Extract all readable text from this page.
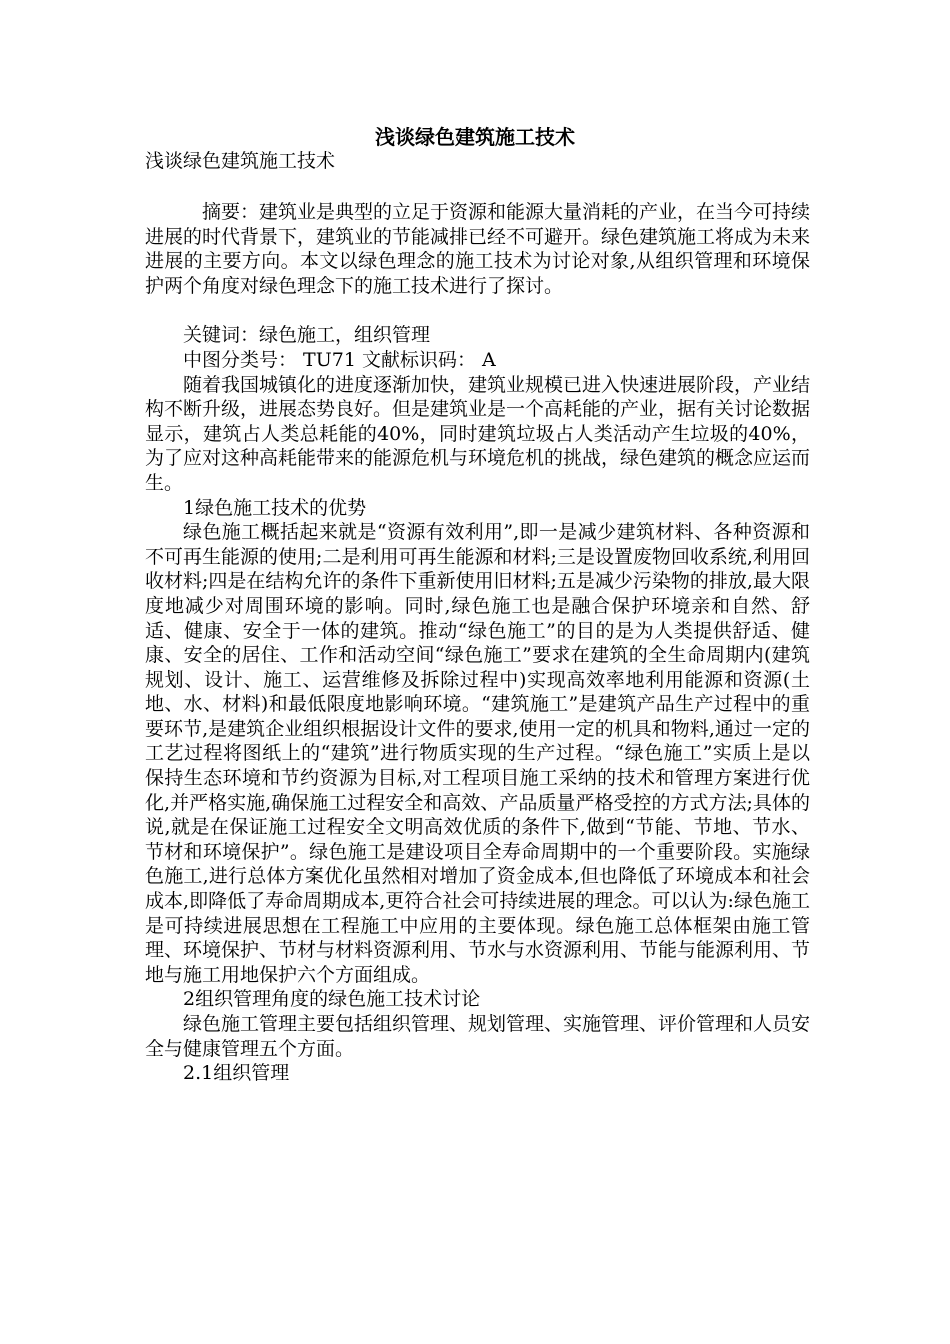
浅谈绿色建筑施工技术

浅谈绿色建筑施工技术

摘要：建筑业是典型的立足于资源和能源大量消耗的产业，在当今可持续进展的时代背景下，建筑业的节能减排已经不可避开。绿色建筑施工将成为未来进展的主要方向。本文以绿色理念的施工技术为讨论对象,从组织管理和环境保护两个角度对绿色理念下的施工技术进行了探讨。

关键词：绿色施工，组织管理

中图分类号： TU71 文献标识码： A

随着我国城镇化的进度逐渐加快，建筑业规模已进入快速进展阶段，产业结构不断升级，进展态势良好。但是建筑业是一个高耗能的产业，据有关讨论数据显示，建筑占人类总耗能的40%，同时建筑垃圾占人类活动产生垃圾的40%，为了应对这种高耗能带来的能源危机与环境危机的挑战，绿色建筑的概念应运而生。

1绿色施工技术的优势

绿色施工概括起来就是“资源有效利用”,即一是减少建筑材料、各种资源和不可再生能源的使用;二是利用可再生能源和材料;三是设置废物回收系统,利用回收材料;四是在结构允许的条件下重新使用旧材料;五是减少污染物的排放,最大限度地减少对周围环境的影响。同时,绿色施工也是融合保护环境亲和自然、舒适、健康、安全于一体的建筑。推动“绿色施工”的目的是为人类提供舒适、健康、安全的居住、工作和活动空间“绿色施工”要求在建筑的全生命周期内(建筑规划、设计、施工、运营维修及拆除过程中)实现高效率地利用能源和资源(土地、水、材料)和最低限度地影响环境。“建筑施工”是建筑产品生产过程中的重要环节,是建筑企业组织根据设计文件的要求,使用一定的机具和物料,通过一定的工艺过程将图纸上的“建筑”进行物质实现的生产过程。“绿色施工”实质上是以保持生态环境和节约资源为目标,对工程项目施工采纳的技术和管理方案进行优化,并严格实施,确保施工过程安全和高效、产品质量严格受控的方式方法;具体的说,就是在保证施工过程安全文明高效优质的条件下,做到“节能、节地、节水、节材和环境保护”。绿色施工是建设项目全寿命周期中的一个重要阶段。实施绿色施工,进行总体方案优化虽然相对增加了资金成本,但也降低了环境成本和社会成本,即降低了寿命周期成本,更符合社会可持续进展的理念。可以认为:绿色施工是可持续进展思想在工程施工中应用的主要体现。绿色施工总体框架由施工管理、环境保护、节材与材料资源利用、节水与水资源利用、节能与能源利用、节地与施工用地保护六个方面组成。

2组织管理角度的绿色施工技术讨论

绿色施工管理主要包括组织管理、规划管理、实施管理、评价管理和人员安全与健康管理五个方面。

2.1组织管理
